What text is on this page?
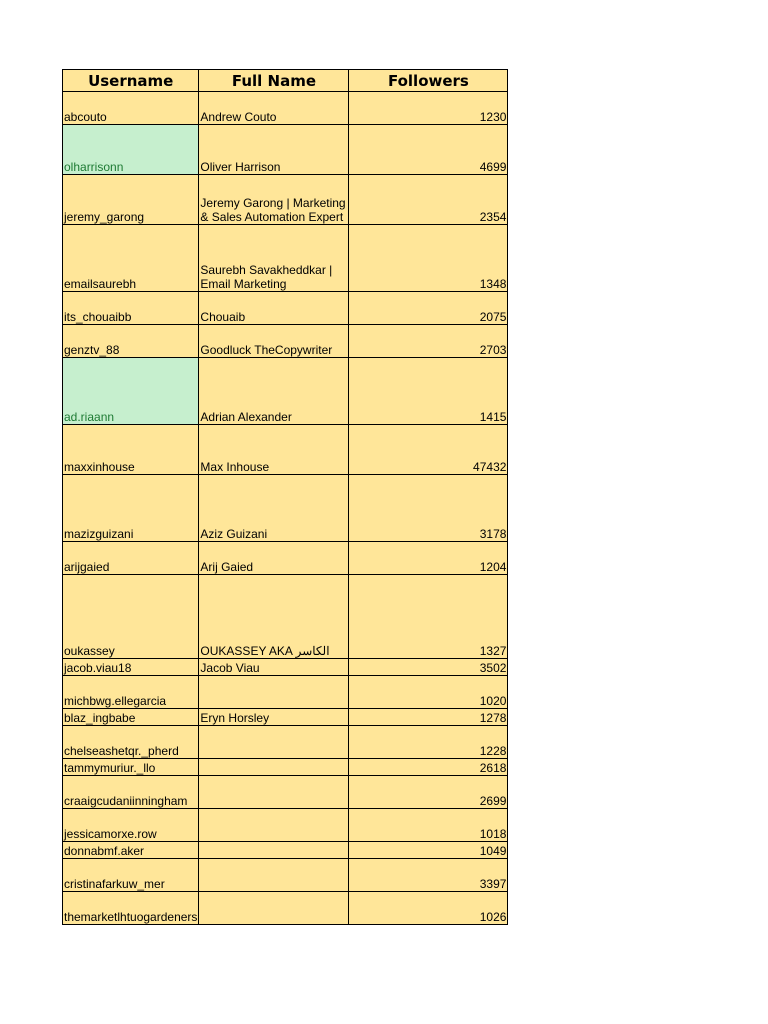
Username	Full Name	Followers
abcouto	Andrew Couto	1230
olharrisonn	Oliver Harrison	4699
jeremy_garong	Jeremy Garong | Marketing & Sales Automation Expert	2354
emailsaurebh	Saurebh Savakheddkar | Email Marketing	1348
its_chouaibb	Chouaib	2075
genztv_88	Goodluck TheCopywriter	2703
ad.riaann	Adrian Alexander	1415
maxxinhouse	Max Inhouse	47432
mazizguizani	Aziz Guizani	3178
arijgaied	Arij Gaied	1204
oukassey	OUKASSEY AKA الكاسر	1327
jacob.viau18	Jacob Viau	3502
michbwg.ellegarcia		1020
blaz_ingbabe	Eryn Horsley	1278
chelseashetqr._pherd		1228
tammymuriur._llo		2618
craaigcudaniinningham		2699
jessicamorxe.row		1018
donnabmf.aker		1049
cristinafarkuw_mer		3397
themarketlhtuogardeners		1026
